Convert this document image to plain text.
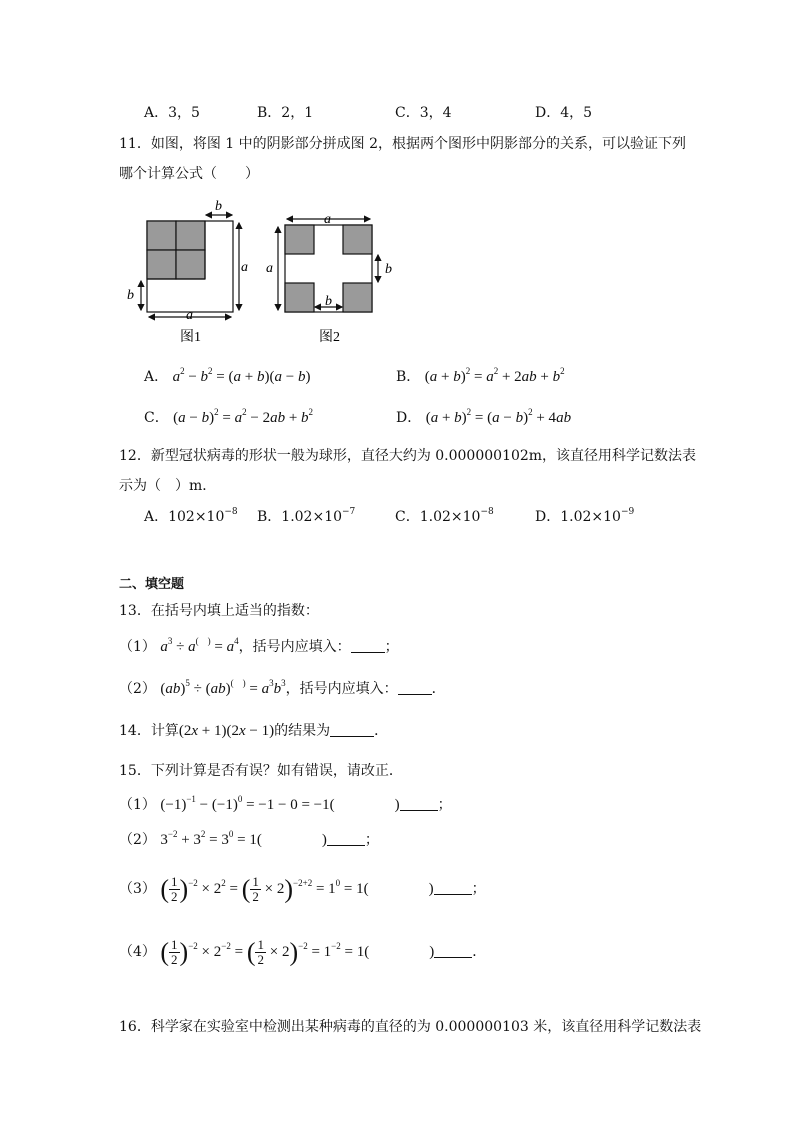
A．3，5	B．2，1	C．3，4	D．4，5
11．如图，将图 1 中的阴影部分拼成图 2，根据两个图形中阴影部分的关系，可以验证下列
哪个计算公式（　　）
b
a
b
a
图1
a
a	b
b
图2
A． $a^2 - b^2 = (a + b)(a - b)$	B． $(a + b)^2 = a^2 + 2ab + b^2$
C． $(a - b)^2 = a^2 - 2ab + b^2$	D． $(a + b)^2 = (a - b)^2 + 4ab$
12．新型冠状病毒的形状一般为球形，直径大约为 0.000000102m，该直径用科学记数法表
示为（　）m．
A．$102\times 10^{-8}$ B．$1.02\times 10^{-7}$	C．$1.02\times 10^{-8}$	D．$1.02\times 10^{-9}$
二、填空题
13．在括号内填上适当的指数：
（1） $a^3 \div a^{( )} = a^4$，括号内应填入： ；
（2） $(ab)^5 \div (ab)^{( )} = a^3b^3$，括号内应填入： ．
14．计算(2x + 1)(2x − 1)的结果为	．
15．下列计算是否有误？如有错误，请改正．
（1） $(-1)^{-1} - (-1)^0 = -1 - 0 = -1$(　　　　)	；
（2） $3^{-2} + 3^2 = 3^0 = 1$(　　　　)	；
（3） ( $\frac{1}{2} )^{-2} \times 2^2$ = ( $\frac{1}{2} \times 2)^{-2+2} = 1^0 = 1$(　　　　)	；
（4） ( $\frac{1}{2} )^{-2} \times 2^{-2}$ = ( $\frac{1}{2} \times 2)^{-2} = 1^{-2} = 1$(　　　　)	．
16．科学家在实验室中检测出某种病毒的直径的为 0.000000103 米，该直径用科学记数法表
